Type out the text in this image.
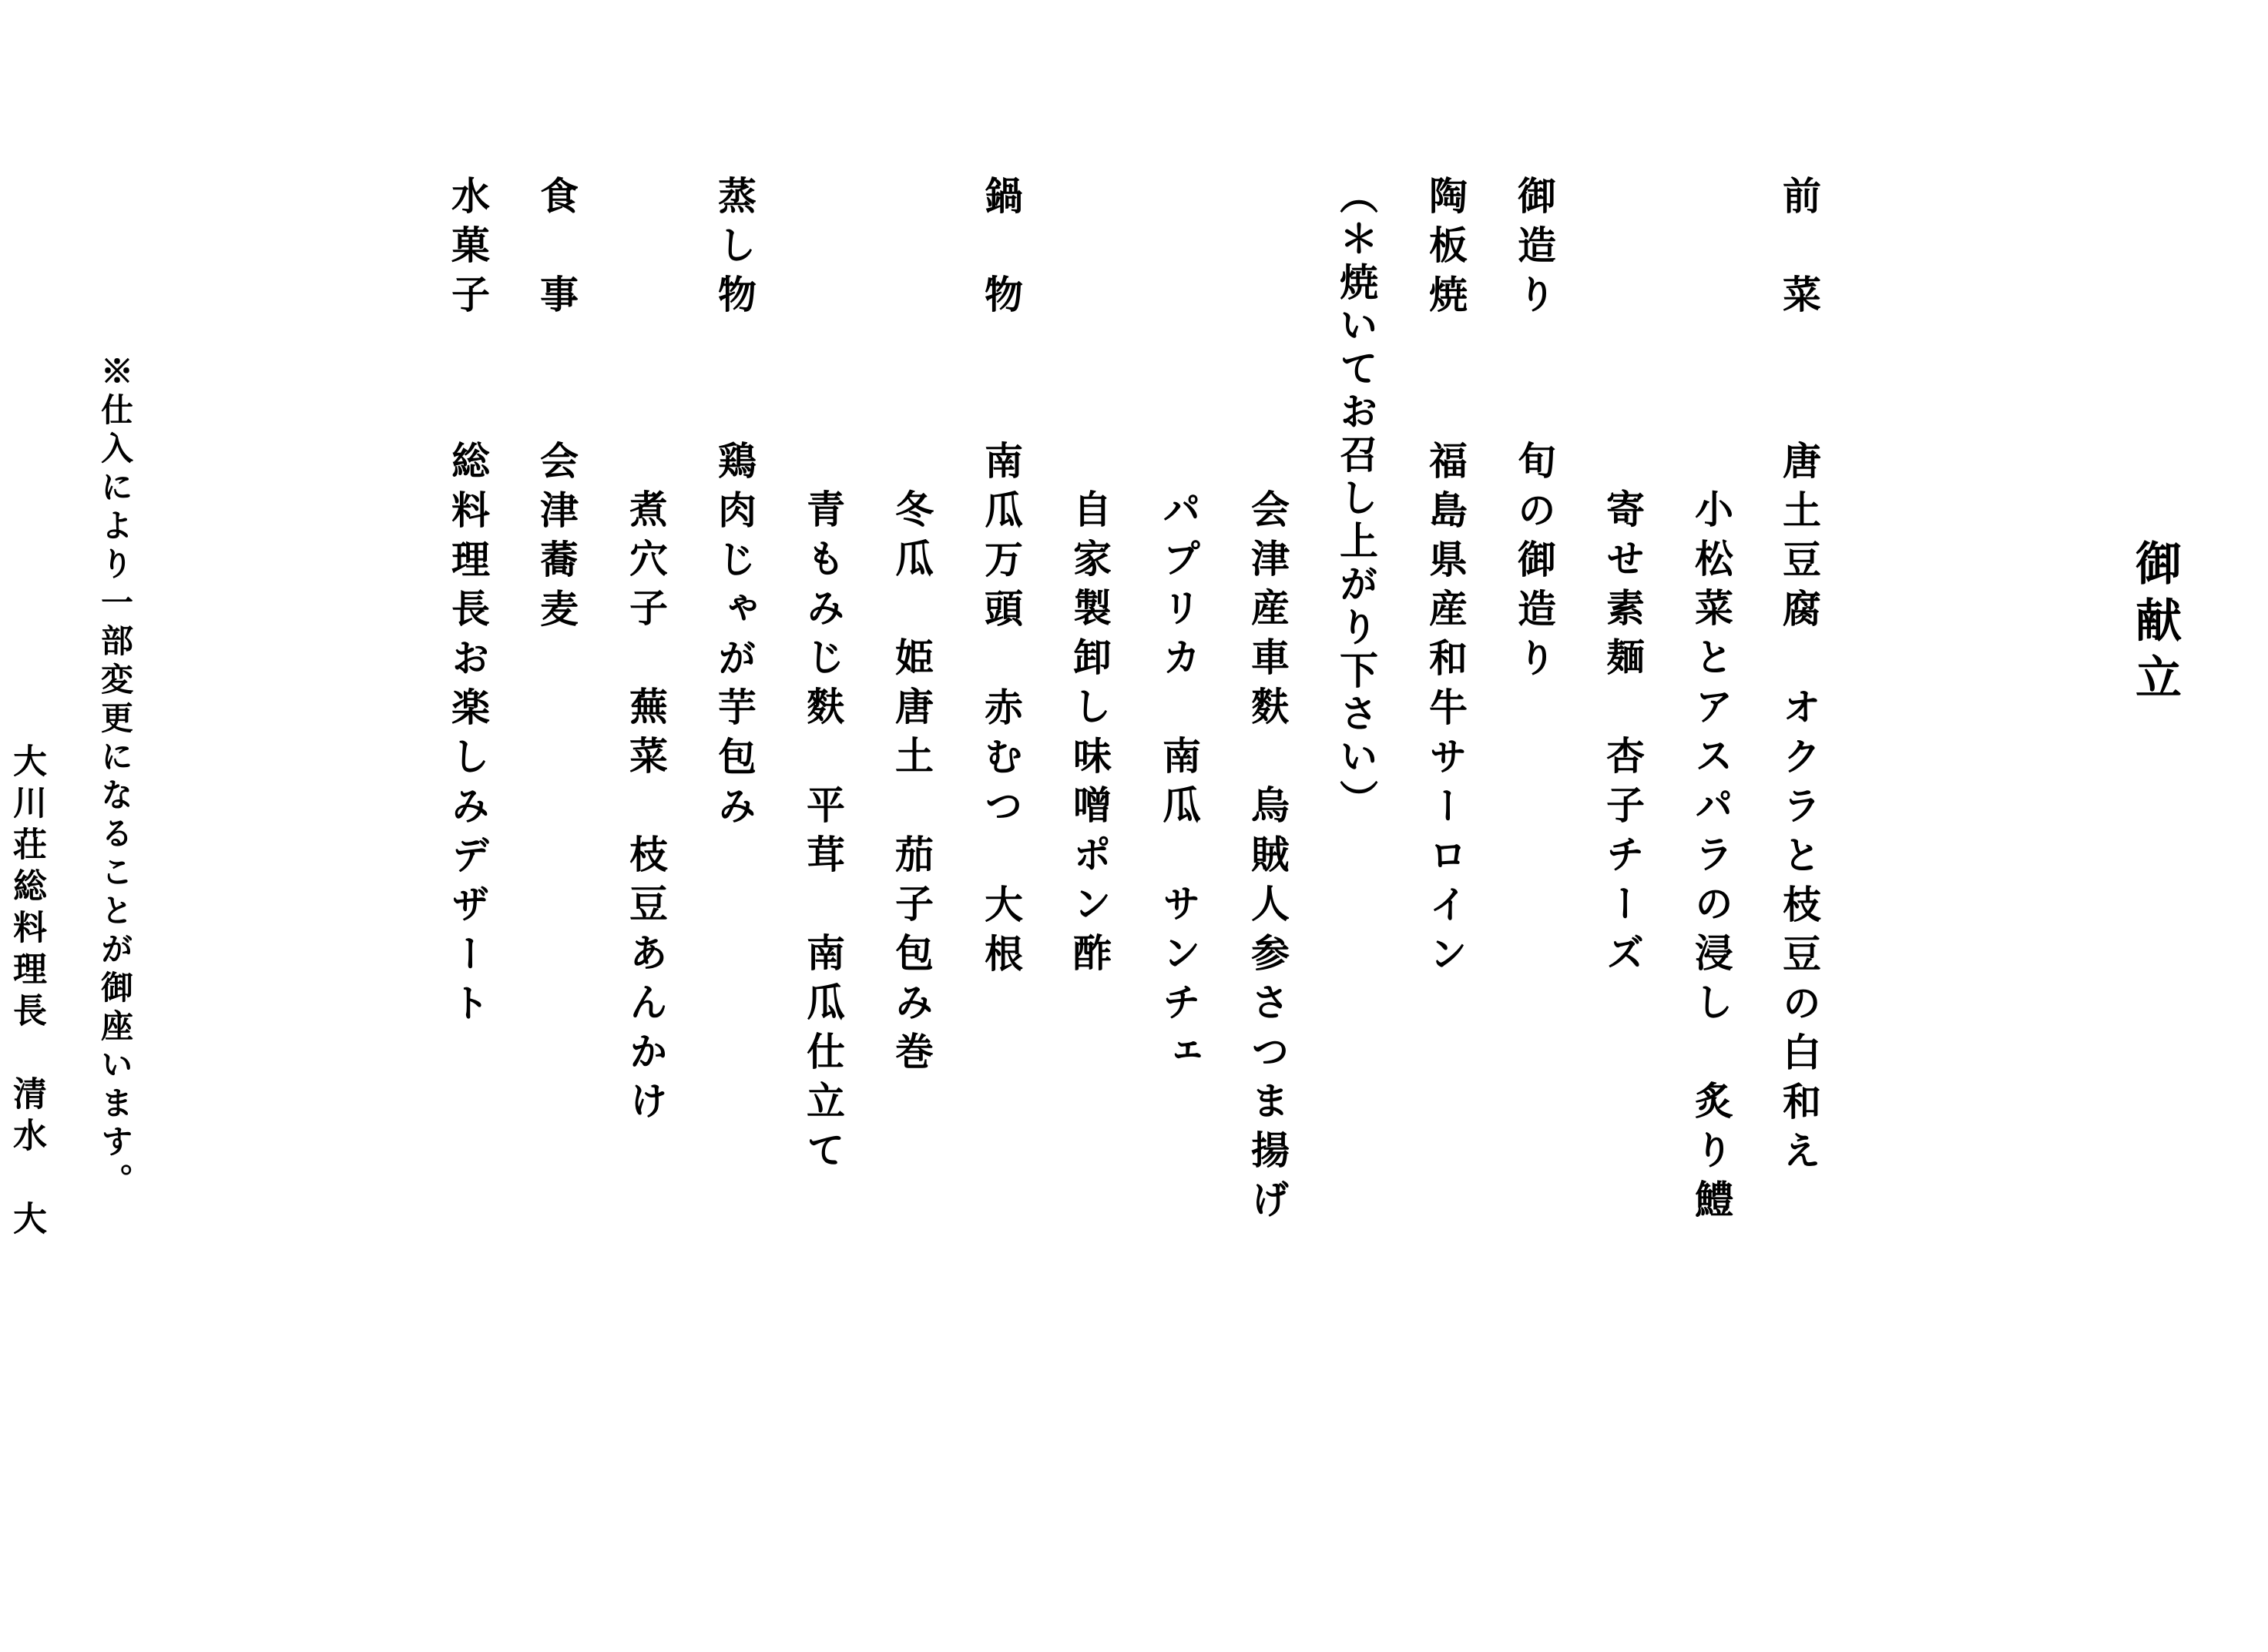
御献立
前　菜
唐土豆腐　オクラと枝豆の白和え
小松菜とアスパラの浸し　炙り鱧
寄せ素麺　杏子チーズ
御造り
旬の御造り
陶板焼
福島県産和牛サーロイン
（＊焼いてお召し上がり下さい）
会津産車麩　烏賊人参さつま揚げ
パプリカ　南瓜　サンチェ
自家製卸し味噌ポン酢
鍋　物
南瓜万頭　赤むつ　大根
冬瓜　姫唐土　茄子包み巻
青もみじ麩　平茸　南瓜仕立て
蒸し物
鶏肉じゃが芋包み
煮穴子　蕪菜　枝豆あんかけ
食　事
会津蕎麦
水菓子
総料理長お楽しみデザート
※仕入により一部変更になることが御座います。
大川荘総料理長　清水　大
